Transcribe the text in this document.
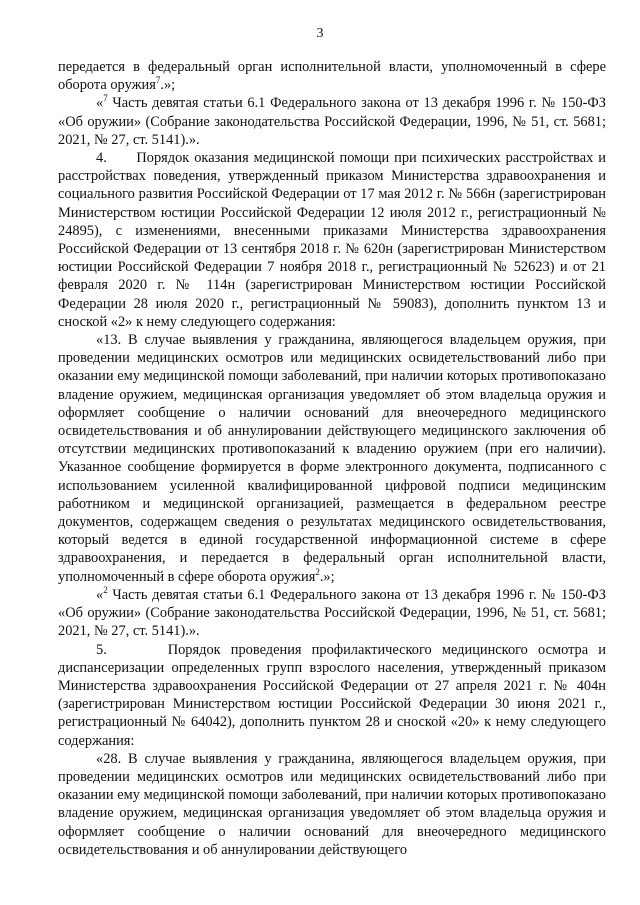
3

передается в федеральный орган исполнительной власти, уполномоченный в сфере оборота оружия$^7$.»;

«$^7$ Часть девятая статьи 6.1 Федерального закона от 13 декабря 1996 г. № 150-ФЗ «Об оружии» (Собрание законодательства Российской Федерации, 1996, № 51, ст. 5681; 2021, № 27, ст. 5141).».

4.      Порядок оказания медицинской помощи при психических расстройствах и расстройствах поведения, утвержденный приказом Министерства здравоохранения и социального развития Российской Федерации от 17 мая 2012 г. № 566н (зарегистрирован Министерством юстиции Российской Федерации 12 июля 2012 г., регистрационный № 24895), с изменениями, внесенными приказами Министерства здравоохранения Российской Федерации от 13 сентября 2018 г. № 620н (зарегистрирован Министерством юстиции Российской Федерации 7 ноября 2018 г., регистрационный № 52623) и от 21 февраля 2020 г. № 114н (зарегистрирован Министерством юстиции Российской Федерации 28 июля 2020 г., регистрационный № 59083), дополнить пунктом 13 и сноской «2» к нему следующего содержания:

«13. В случае выявления у гражданина, являющегося владельцем оружия, при проведении медицинских осмотров или медицинских освидетельствований либо при оказании ему медицинской помощи заболеваний, при наличии которых противопоказано владение оружием, медицинская организация уведомляет об этом владельца оружия и оформляет сообщение о наличии оснований для внеочередного медицинского освидетельствования и об аннулировании действующего медицинского заключения об отсутствии медицинских противопоказаний к владению оружием (при его наличии). Указанное сообщение формируется в форме электронного документа, подписанного с использованием усиленной квалифицированной цифровой подписи медицинским работником и медицинской организацией, размещается в федеральном реестре документов, содержащем сведения о результатах медицинского освидетельствования, который ведется в единой государственной информационной системе в сфере здравоохранения, и передается в федеральный орган исполнительной власти, уполномоченный в сфере оборота оружия$^2$.»;

«$^2$ Часть девятая статьи 6.1 Федерального закона от 13 декабря 1996 г. № 150-ФЗ «Об оружии» (Собрание законодательства Российской Федерации, 1996, № 51, ст. 5681; 2021, № 27, ст. 5141).».

5.      Порядок проведения профилактического медицинского осмотра и диспансеризации определенных групп взрослого населения, утвержденный приказом Министерства здравоохранения Российской Федерации от 27 апреля 2021 г. № 404н (зарегистрирован Министерством юстиции Российской Федерации 30 июня 2021 г., регистрационный № 64042), дополнить пунктом 28 и сноской «20» к нему следующего содержания:

«28. В случае выявления у гражданина, являющегося владельцем оружия, при проведении медицинских осмотров или медицинских освидетельствований либо при оказании ему медицинской помощи заболеваний, при наличии которых противопоказано владение оружием, медицинская организация уведомляет об этом владельца оружия и оформляет сообщение о наличии оснований для внеочередного медицинского освидетельствования и об аннулировании действующего
